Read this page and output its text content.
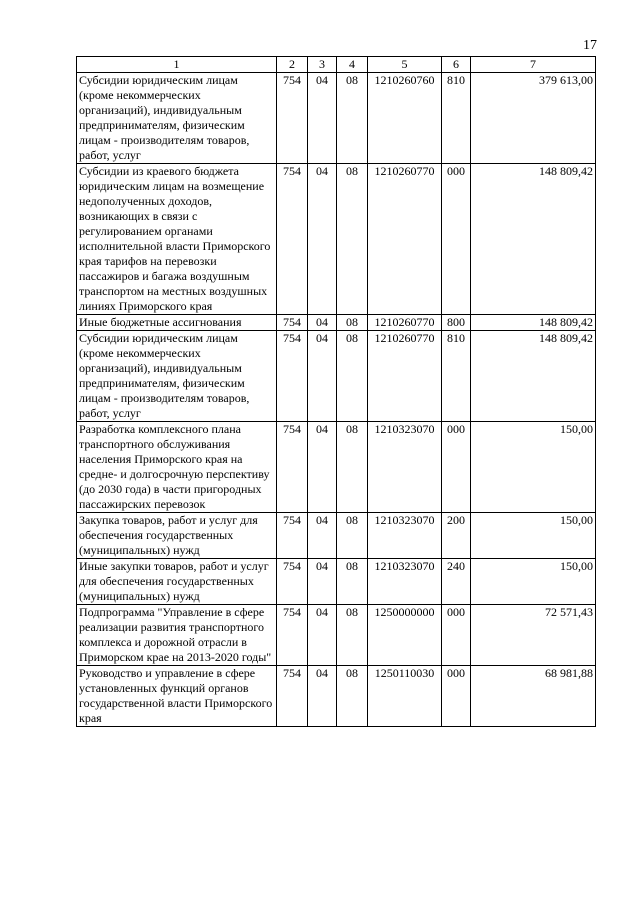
17
1	2	3	4	5	6	7
Субсидии юридическим лицам (кроме некоммерческих организаций), индивидуальным предпринимателям, физическим лицам - производителям товаров, работ, услуг	754	04	08	1210260760	810	379 613,00
Субсидии из краевого бюджета юридическим лицам на возмещение недополученных доходов, возникающих в связи с регулированием органами исполнительной власти Приморского края тарифов на перевозки пассажиров и багажа воздушным транспортом на местных воздушных линиях Приморского края	754	04	08	1210260770	000	148 809,42
Иные бюджетные ассигнования	754	04	08	1210260770	800	148 809,42
Субсидии юридическим лицам (кроме некоммерческих организаций), индивидуальным предпринимателям, физическим лицам - производителям товаров, работ, услуг	754	04	08	1210260770	810	148 809,42
Разработка комплексного плана транспортного обслуживания населения Приморского края на средне- и долгосрочную перспективу (до 2030 года) в части пригородных пассажирских перевозок	754	04	08	1210323070	000	150,00
Закупка товаров, работ и услуг для обеспечения государственных (муниципальных) нужд	754	04	08	1210323070	200	150,00
Иные закупки товаров, работ и услуг для обеспечения государственных (муниципальных) нужд	754	04	08	1210323070	240	150,00
Подпрограмма "Управление в сфере реализации развития транспортного комплекса и дорожной отрасли в Приморском крае на 2013-2020 годы"	754	04	08	1250000000	000	72 571,43
Руководство и управление в сфере установленных функций органов государственной власти Приморского края	754	04	08	1250110030	000	68 981,88
